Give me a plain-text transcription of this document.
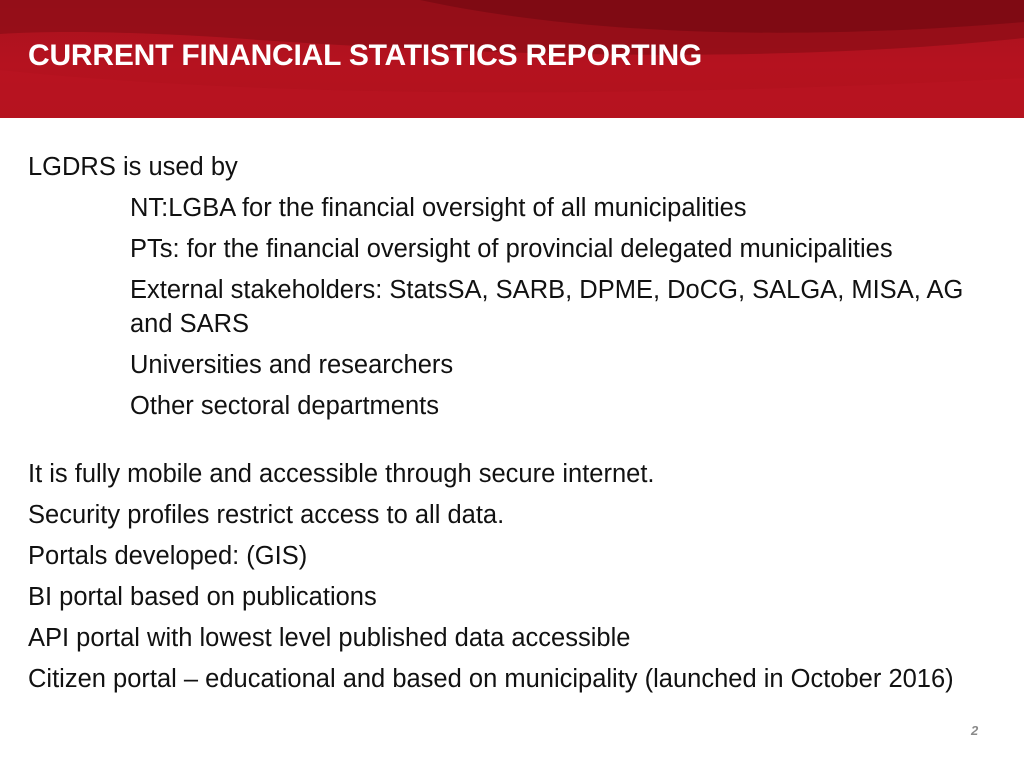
CURRENT FINANCIAL STATISTICS REPORTING

LGDRS is used by

NT:LGBA for the financial oversight of all municipalities

PTs: for the financial oversight of provincial delegated municipalities

External stakeholders: StatsSA, SARB, DPME, DoCG, SALGA, MISA, AG and SARS

Universities and researchers

Other sectoral departments

It is fully mobile and accessible through secure internet.

Security profiles restrict access to all data.

Portals developed: (GIS)

BI portal based on publications

API portal with lowest level published data accessible

Citizen portal – educational and based on municipality (launched in October 2016)

2
